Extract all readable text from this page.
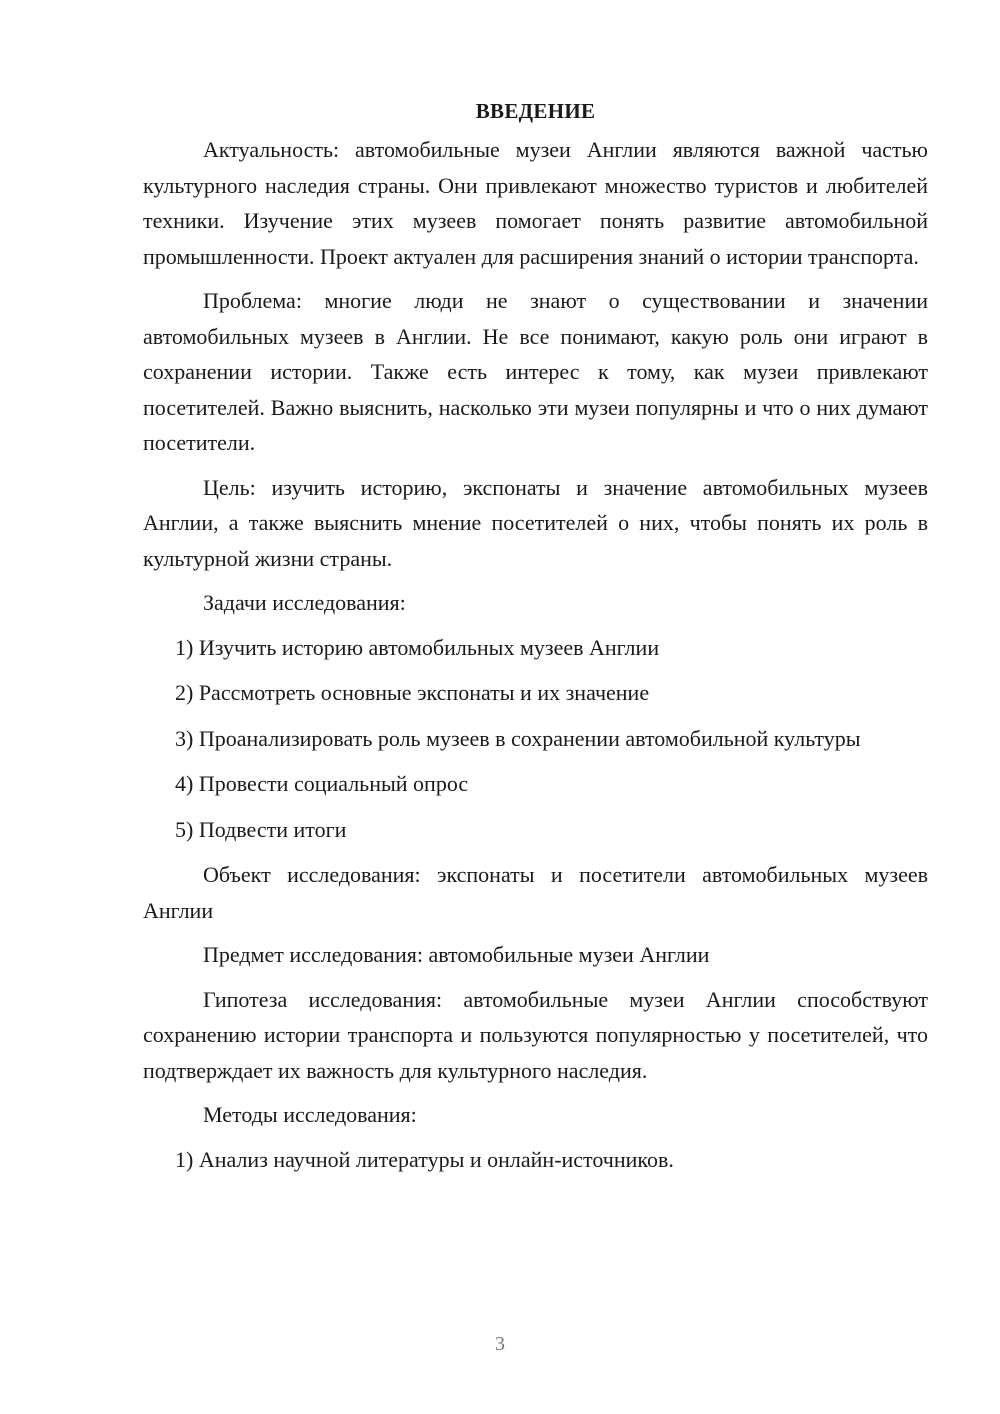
ВВЕДЕНИЕ

Актуальность: автомобильные музеи Англии являются важной частью культурного наследия страны. Они привлекают множество туристов и любителей техники. Изучение этих музеев помогает понять развитие автомобильной промышленности. Проект актуален для расширения знаний о истории транспорта.

Проблема: многие люди не знают о существовании и значении автомобильных музеев в Англии. Не все понимают, какую роль они играют в сохранении истории. Также есть интерес к тому, как музеи привлекают посетителей. Важно выяснить, насколько эти музеи популярны и что о них думают посетители.

Цель: изучить историю, экспонаты и значение автомобильных музеев Англии, а также выяснить мнение посетителей о них, чтобы понять их роль в культурной жизни страны.

Задачи исследования:

1) Изучить историю автомобильных музеев Англии

2) Рассмотреть основные экспонаты и их значение

3) Проанализировать роль музеев в сохранении автомобильной культуры

4) Провести социальный опрос

5) Подвести итоги

Объект исследования: экспонаты и посетители автомобильных музеев Англии

Предмет исследования: автомобильные музеи Англии

Гипотеза исследования: автомобильные музеи Англии способствуют сохранению истории транспорта и пользуются популярностью у посетителей, что подтверждает их важность для культурного наследия.

Методы исследования:

1) Анализ научной литературы и онлайн-источников.

3
